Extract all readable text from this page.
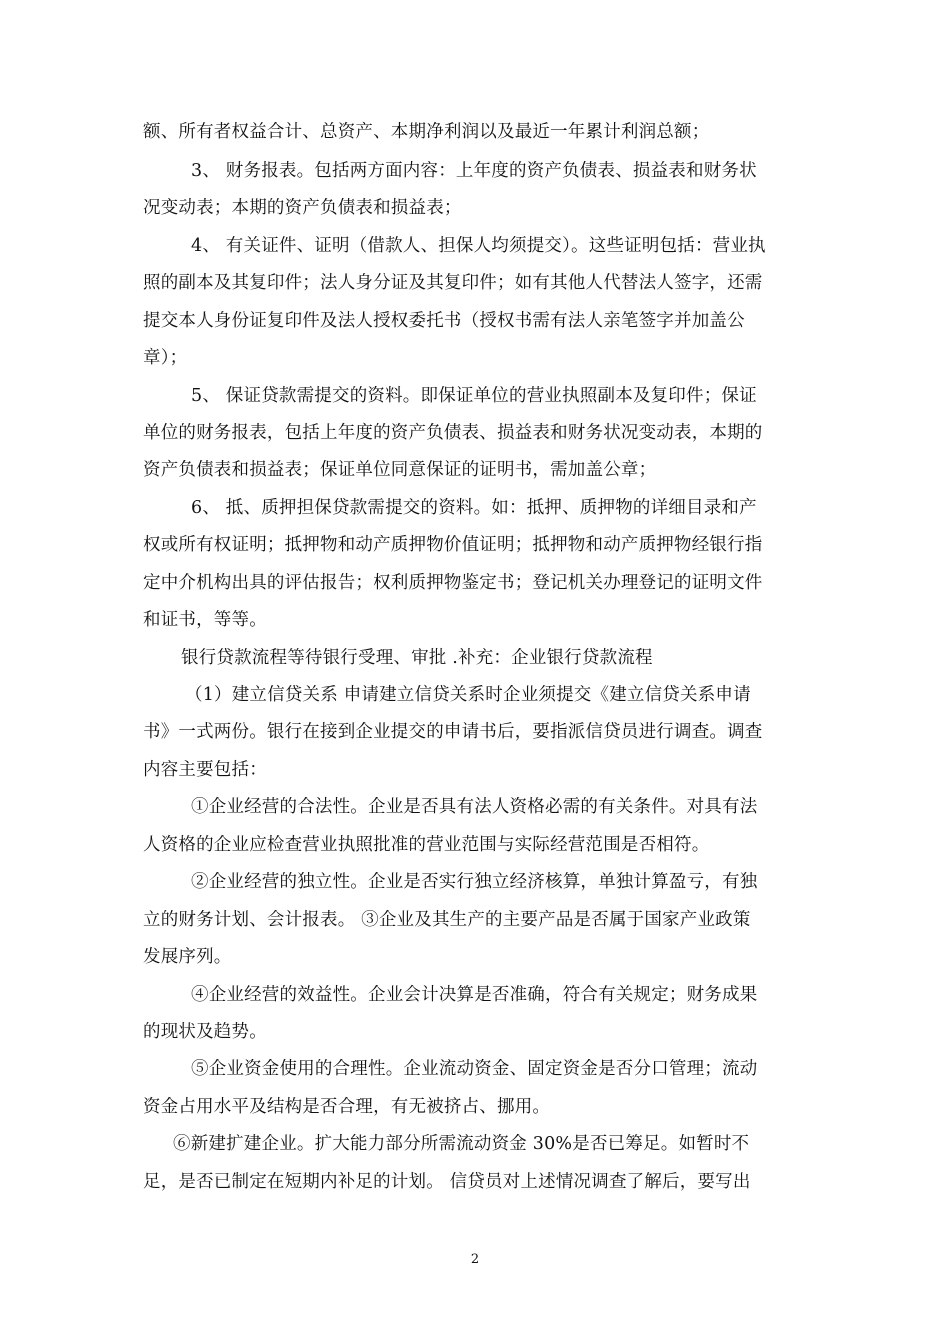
额、所有者权益合计、总资产、本期净利润以及最近一年累计利润总额；
3、 财务报表。包括两方面内容：上年度的资产负债表、损益表和财务状
况变动表；本期的资产负债表和损益表；
4、 有关证件、证明（借款人、担保人均须提交）。这些证明包括：营业执
照的副本及其复印件；法人身分证及其复印件；如有其他人代替法人签字，还需
提交本人身份证复印件及法人授权委托书（授权书需有法人亲笔签字并加盖公
章）；
5、 保证贷款需提交的资料。即保证单位的营业执照副本及复印件；保证
单位的财务报表，包括上年度的资产负债表、损益表和财务状况变动表，本期的
资产负债表和损益表；保证单位同意保证的证明书，需加盖公章；
6、 抵、质押担保贷款需提交的资料。如：抵押、质押物的详细目录和产
权或所有权证明；抵押物和动产质押物价值证明；抵押物和动产质押物经银行指
定中介机构出具的评估报告；权利质押物鉴定书；登记机关办理登记的证明文件
和证书，等等。
银行贷款流程等待银行受理、审批 .补充：企业银行贷款流程
（1）建立信贷关系 申请建立信贷关系时企业须提交《建立信贷关系申请
书》一式两份。银行在接到企业提交的申请书后，要指派信贷员进行调查。调查
内容主要包括：
①企业经营的合法性。企业是否具有法人资格必需的有关条件。对具有法
人资格的企业应检查营业执照批准的营业范围与实际经营范围是否相符。
②企业经营的独立性。企业是否实行独立经济核算，单独计算盈亏，有独
立的财务计划、会计报表。 ③企业及其生产的主要产品是否属于国家产业政策
发展序列。
④企业经营的效益性。企业会计决算是否准确，符合有关规定；财务成果
的现状及趋势。
⑤企业资金使用的合理性。企业流动资金、固定资金是否分口管理；流动
资金占用水平及结构是否合理，有无被挤占、挪用。
⑥新建扩建企业。扩大能力部分所需流动资金 30%是否已筹足。如暂时不
足，是否已制定在短期内补足的计划。 信贷员对上述情况调查了解后，要写出
2
